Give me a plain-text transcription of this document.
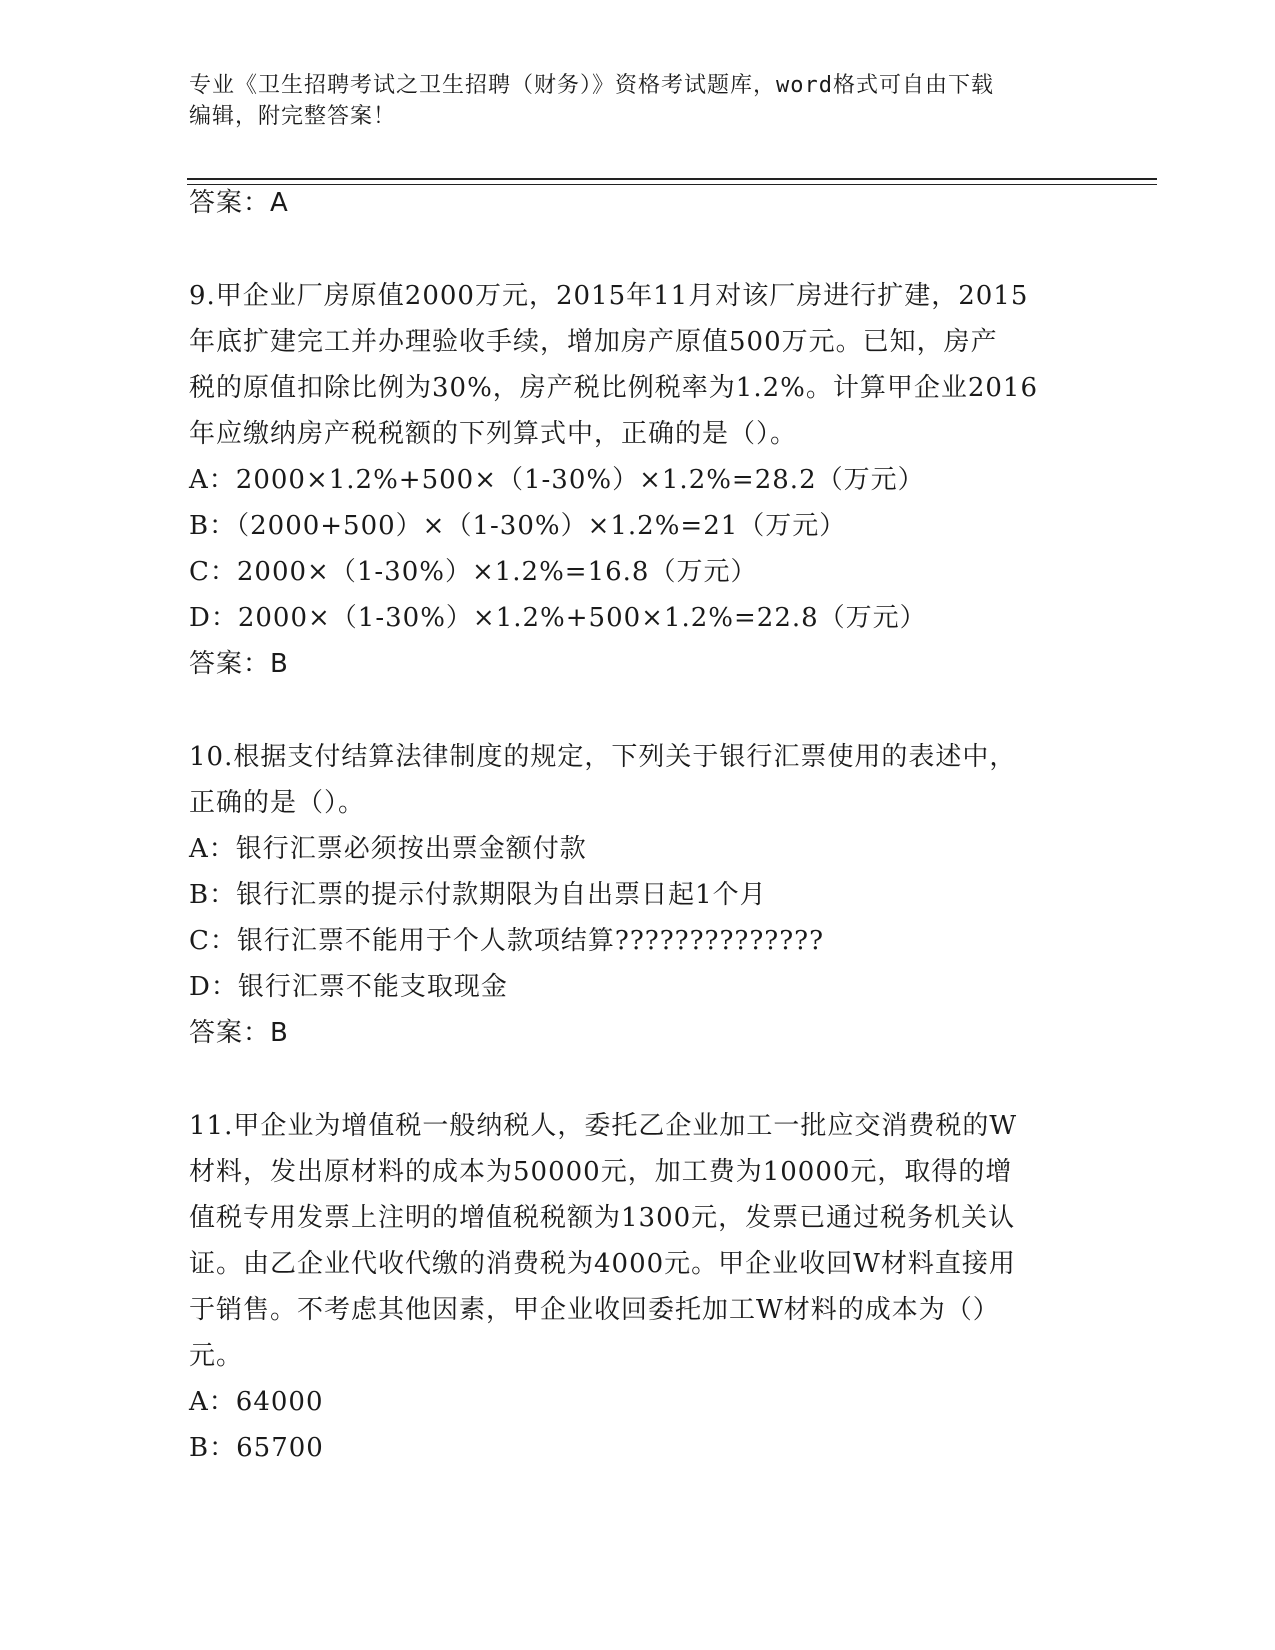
专业《卫生招聘考试之卫生招聘（财务）》资格考试题库，word格式可自由下载
编辑，附完整答案！
答案：A
9.甲企业厂房原值2000万元，2015年11月对该厂房进行扩建，2015
年底扩建完工并办理验收手续，增加房产原值500万元。已知，房产
税的原值扣除比例为30%，房产税比例税率为1.2%。计算甲企业2016
年应缴纳房产税税额的下列算式中，正确的是（）。
A：2000×1.2%+500×（1-30%）×1.2%=28.2（万元）
B：（2000+500）×（1-30%）×1.2%=21（万元）
C：2000×（1-30%）×1.2%=16.8（万元）
D：2000×（1-30%）×1.2%+500×1.2%=22.8（万元）
答案：B
10.根据支付结算法律制度的规定，下列关于银行汇票使用的表述中，
正确的是（）。
A：银行汇票必须按出票金额付款
B：银行汇票的提示付款期限为自出票日起1个月
C：银行汇票不能用于个人款项结算??????????????
D：银行汇票不能支取现金
答案：B
11.甲企业为增值税一般纳税人，委托乙企业加工一批应交消费税的W
材料，发出原材料的成本为50000元，加工费为10000元，取得的增
值税专用发票上注明的增值税税额为1300元，发票已通过税务机关认
证。由乙企业代收代缴的消费税为4000元。甲企业收回W材料直接用
于销售。不考虑其他因素，甲企业收回委托加工W材料的成本为（）
元。
A：64000
B：65700
